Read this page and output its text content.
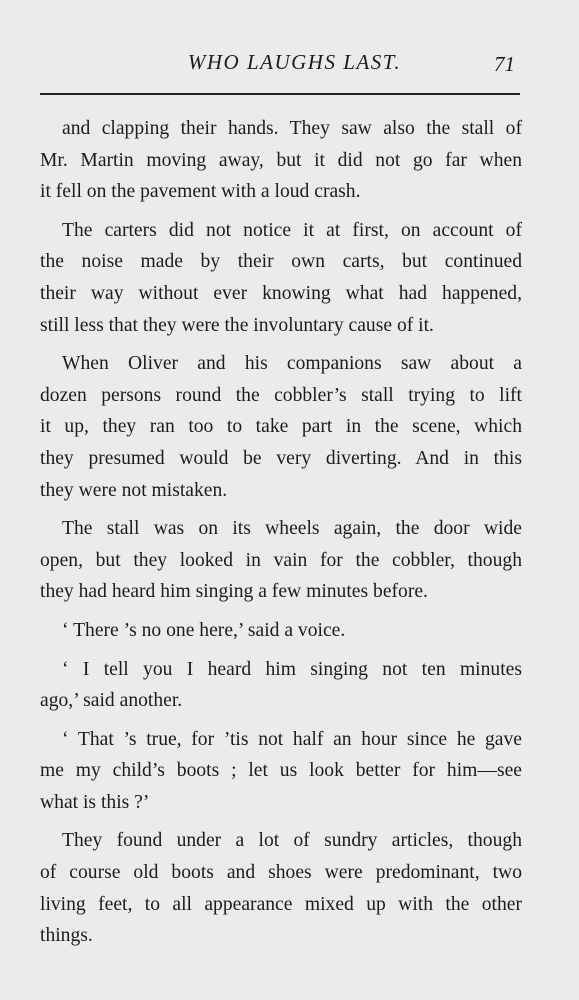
WHO LAUGHS LAST.	71
and clapping their hands. They saw also the stall of
Mr. Martin moving away, but it did not go far when
it fell on the pavement with a loud crash.
The carters did not notice it at first, on account of
the noise made by their own carts, but continued
their way without ever knowing what had happened,
still less that they were the involuntary cause of it.
When Oliver and his companions saw about a
dozen persons round the cobbler’s stall trying to lift
it up, they ran too to take part in the scene, which
they presumed would be very diverting. And in this
they were not mistaken.
The stall was on its wheels again, the door wide
open, but they looked in vain for the cobbler, though
they had heard him singing a few minutes before.
‘ There ’s no one here,’ said a voice.
‘ I tell you I heard him singing not ten minutes
ago,’ said another.
‘ That ’s true, for ’tis not half an hour since he gave
me my child’s boots ; let us look better for him—see
what is this ?’
They found under a lot of sundry articles, though
of course old boots and shoes were predominant, two
living feet, to all appearance mixed up with the other
things.
